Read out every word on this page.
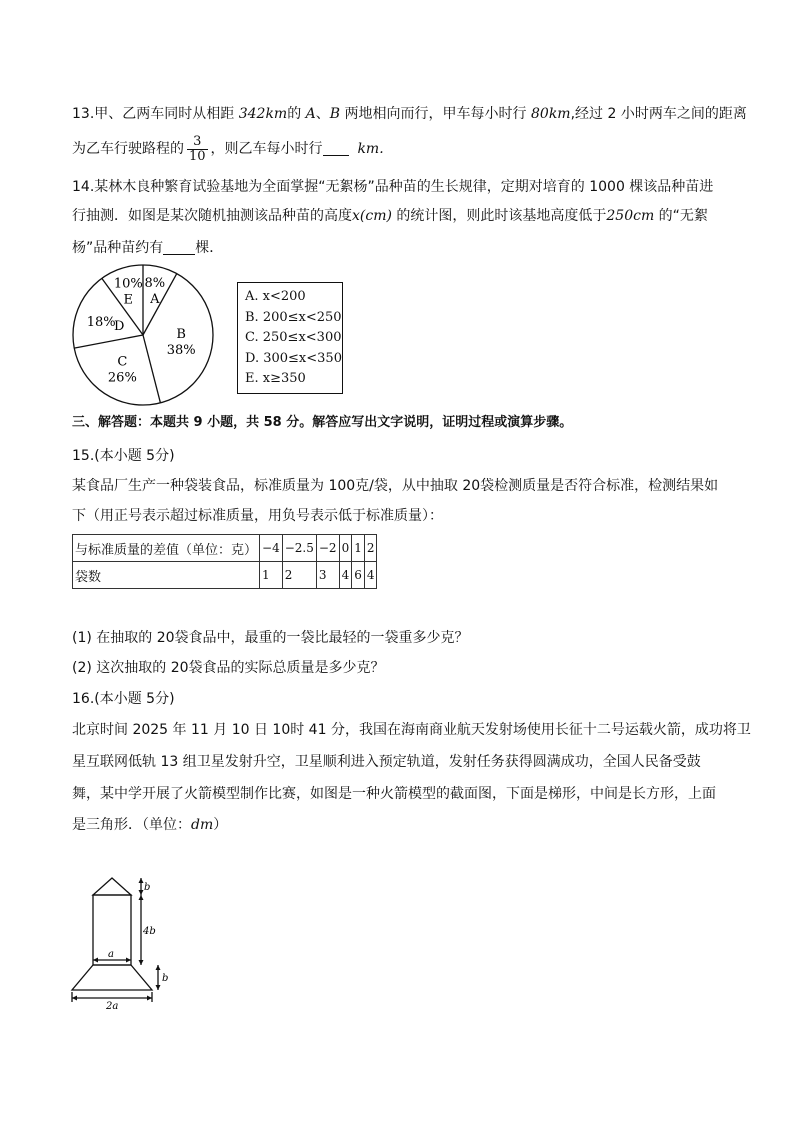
13.甲、乙两车同时从相距 342km的 A、B 两地相向而行，甲车每小时行 80km,经过 2 小时两车之间的距离
为乙车行驶路程的 $\frac{3}{10}$ ，则乙车每小时行 km.
14.某林木良种繁育试验基地为全面掌握“无絮杨”品种苗的生长规律，定期对培育的 1000 棵该品种苗进
行抽测．如图是某次随机抽测该品种苗的高度x(cm) 的统计图，则此时该基地高度低于250cm 的“无絮
杨”品种苗约有 棵．
8%
A
38%
B
26%
C
18%
D
10%
E	A. x<200
B. 200≤x<250
C. 250≤x<300
D. 300≤x<350
E. x≥350
三、解答题：本题共 9 小题，共 58 分。解答应写出文字说明，证明过程或演算步骤。
15.(本小题 5分)
某食品厂生产一种袋装食品，标准质量为 100克/袋，从中抽取 20袋检测质量是否符合标准，检测结果如
下（用正号表示超过标准质量，用负号表示低于标准质量）：
与标准质量的差值（单位：克）	−4	−2.5	−2	0	1	2
袋数	1	2	3	4	6	4
(1) 在抽取的 20袋食品中，最重的一袋比最轻的一袋重多少克？
(2) 这次抽取的 20袋食品的实际总质量是多少克？
16.(本小题 5分)
北京时间 2025 年 11 月 10 日 10时 41 分，我国在海南商业航天发射场使用长征十二号运载火箭，成功将卫
星互联网低轨 13 组卫星发射升空，卫星顺利进入预定轨道，发射任务获得圆满成功，全国人民备受鼓
舞，某中学开展了火箭模型制作比赛，如图是一种火箭模型的截面图，下面是梯形，中间是长方形，上面
是三角形．（单位：dm）
b
4b
a
b
2a
